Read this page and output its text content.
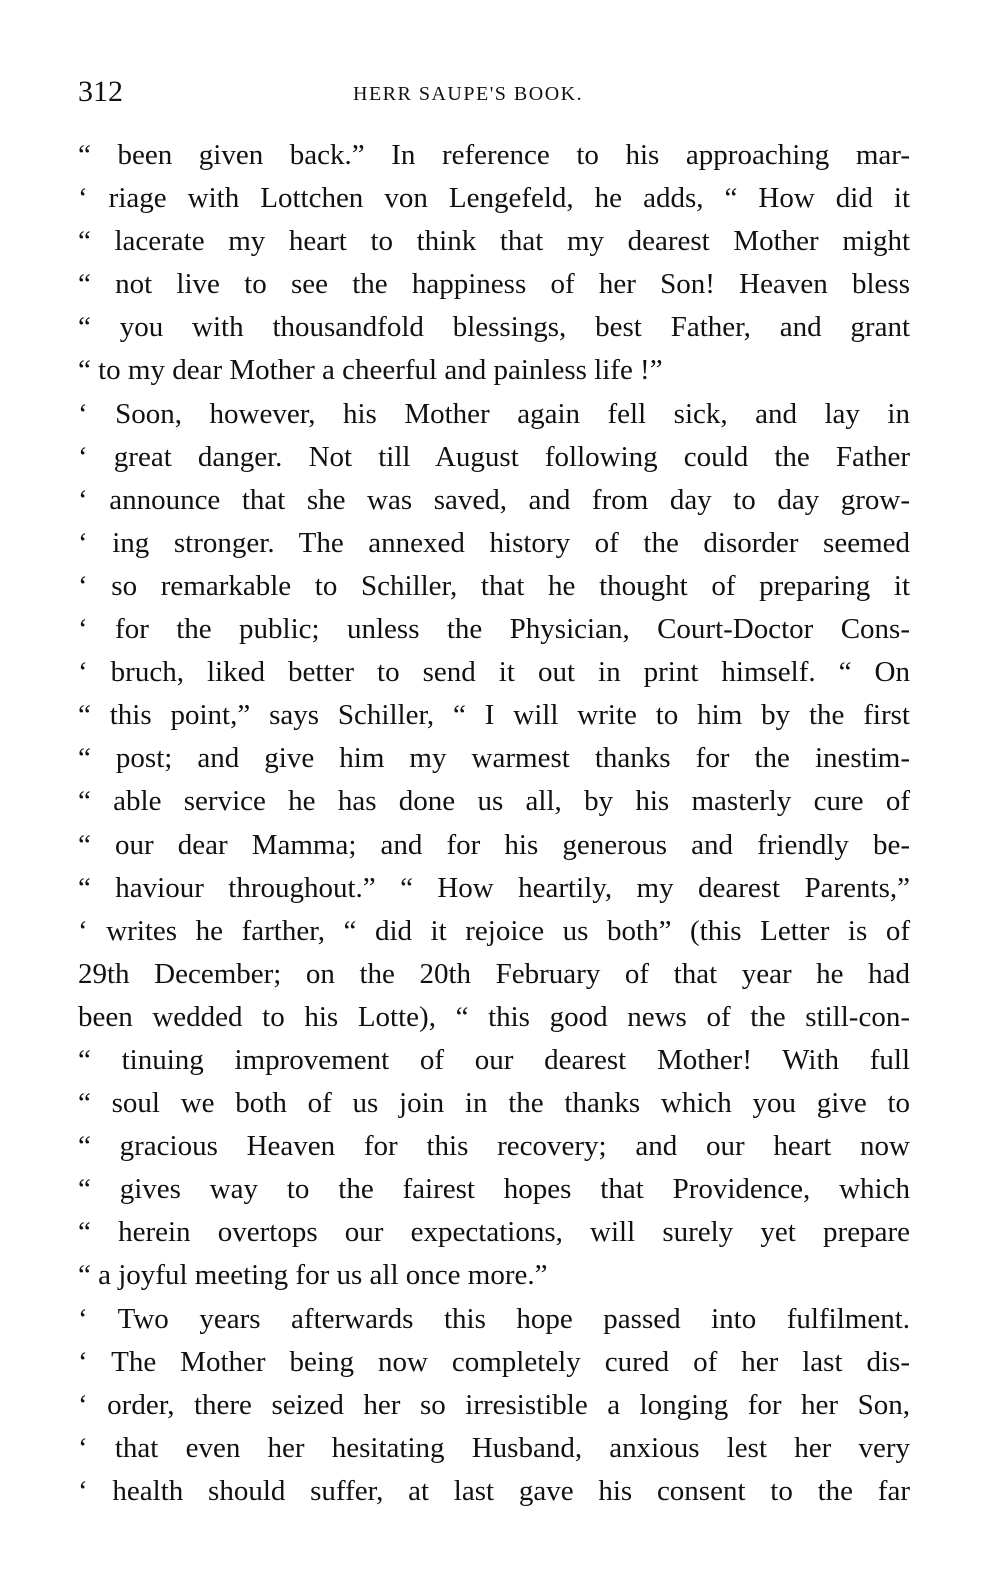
312	HERR SAUPE'S BOOK.
“ been given back.” In reference to his approaching mar-
‘ riage with Lottchen von Lengefeld, he adds, “ How did it
“ lacerate my heart to think that my dearest Mother might
“ not live to see the happiness of her Son! Heaven bless
“ you with thousandfold blessings, best Father, and grant
“ to my dear Mother a cheerful and painless life !”
‘ Soon, however, his Mother again fell sick, and lay in
‘ great danger. Not till August following could the Father
‘ announce that she was saved, and from day to day grow-
‘ ing stronger. The annexed history of the disorder seemed
‘ so remarkable to Schiller, that he thought of preparing it
‘ for the public; unless the Physician, Court-Doctor Cons-
‘ bruch, liked better to send it out in print himself. “ On
“ this point,” says Schiller, “ I will write to him by the first
“ post; and give him my warmest thanks for the inestim-
“ able service he has done us all, by his masterly cure of
“ our dear Mamma; and for his generous and friendly be-
“ haviour throughout.” “ How heartily, my dearest Parents,”
‘ writes he farther, “ did it rejoice us both” (this Letter is of
29th December; on the 20th February of that year he had
been wedded to his Lotte), “ this good news of the still-con-
“ tinuing improvement of our dearest Mother! With full
“ soul we both of us join in the thanks which you give to
“ gracious Heaven for this recovery; and our heart now
“ gives way to the fairest hopes that Providence, which
“ herein overtops our expectations, will surely yet prepare
“ a joyful meeting for us all once more.”
‘ Two years afterwards this hope passed into fulfilment.
‘ The Mother being now completely cured of her last dis-
‘ order, there seized her so irresistible a longing for her Son,
‘ that even her hesitating Husband, anxious lest her very
‘ health should suffer, at last gave his consent to the far
